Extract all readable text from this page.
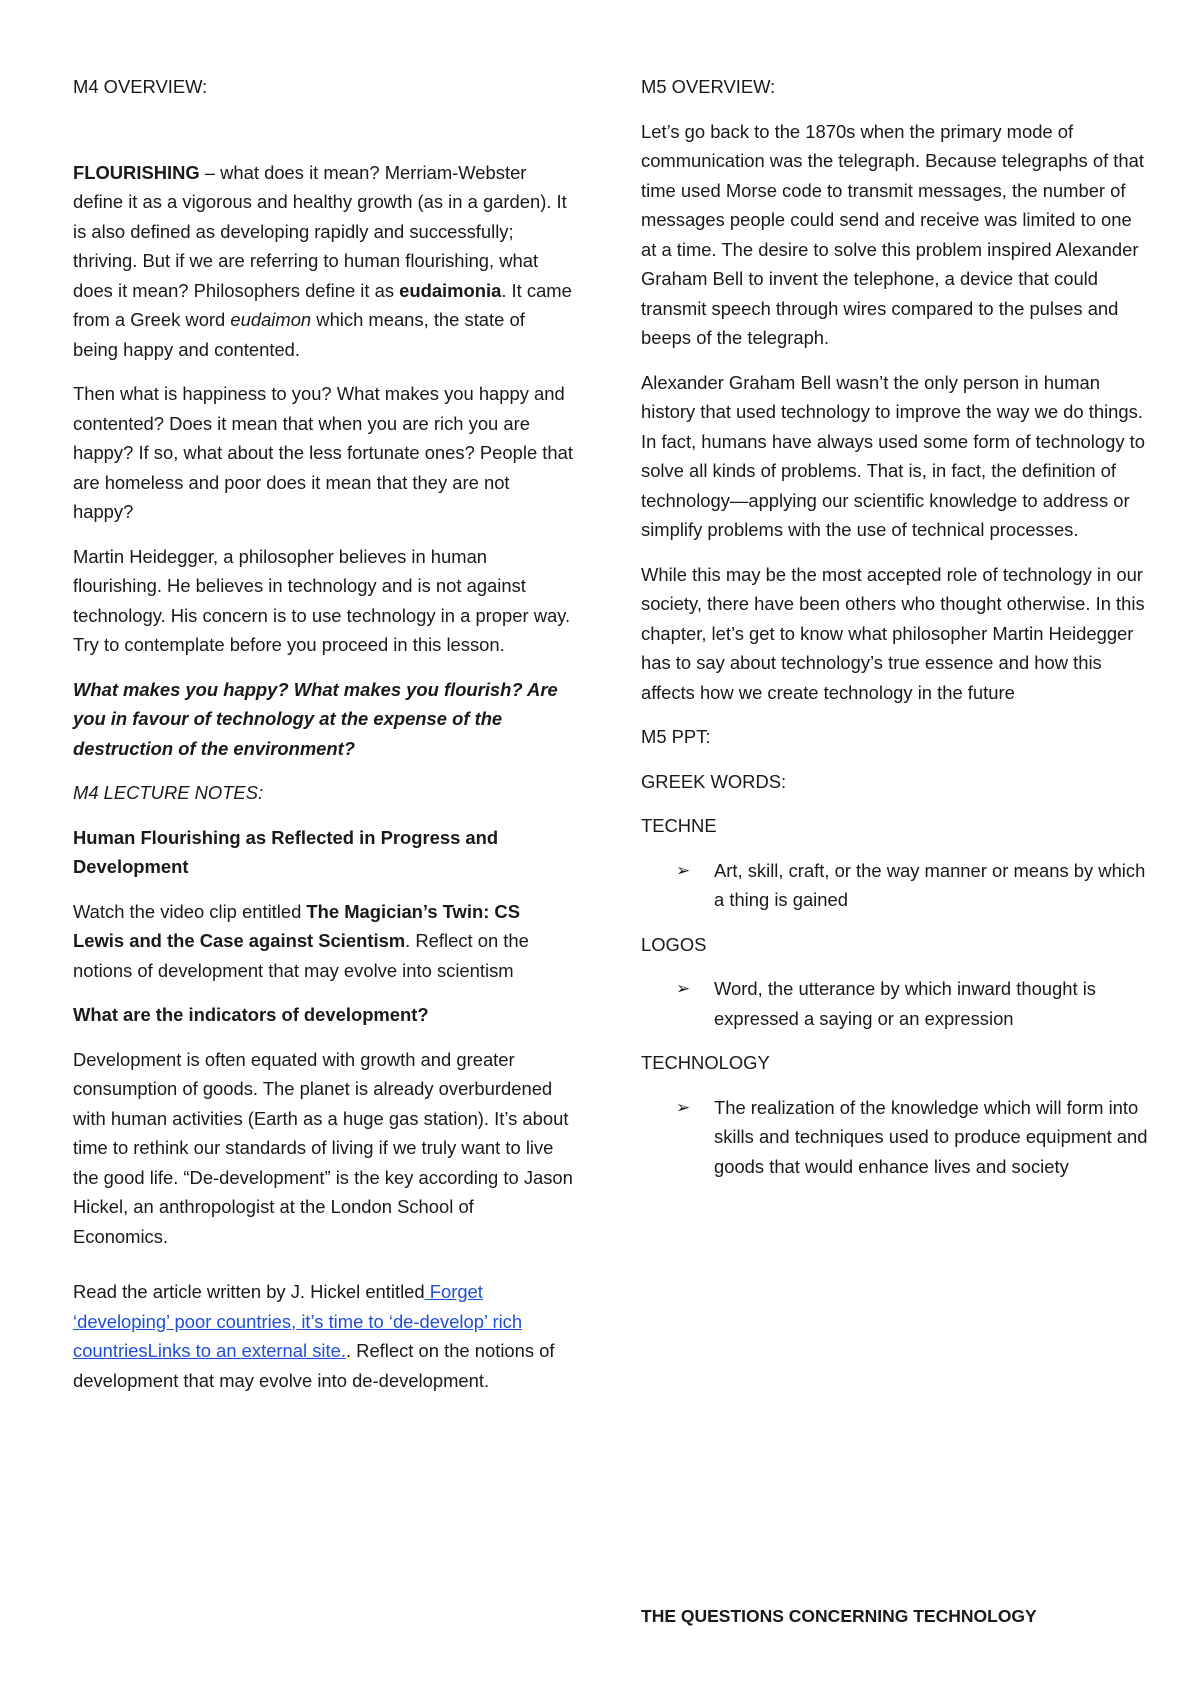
M4 OVERVIEW:

FLOURISHING – what does it mean? Merriam-Webster define it as a vigorous and healthy growth (as in a garden). It is also defined as developing rapidly and successfully; thriving. But if we are referring to human flourishing, what does it mean? Philosophers define it as eudaimonia. It came from a Greek word eudaimon which means, the state of being happy and contented.

Then what is happiness to you? What makes you happy and contented? Does it mean that when you are rich you are happy? If so, what about the less fortunate ones? People that are homeless and poor does it mean that they are not happy?

Martin Heidegger, a philosopher believes in human flourishing. He believes in technology and is not against technology. His concern is to use technology in a proper way. Try to contemplate before you proceed in this lesson.

What makes you happy? What makes you flourish? Are you in favour of technology at the expense of the destruction of the environment?

M4 LECTURE NOTES:

Human Flourishing as Reflected in Progress and Development

Watch the video clip entitled The Magician’s Twin: CS Lewis and the Case against Scientism. Reflect on the notions of development that may evolve into scientism

What are the indicators of development?

Development is often equated with growth and greater consumption of goods. The planet is already overburdened with human activities (Earth as a huge gas station). It’s about time to rethink our standards of living if we truly want to live the good life. “De-development” is the key according to Jason Hickel, an anthropologist at the London School of Economics.

Read the article written by J. Hickel entitled Forget ‘developing’ poor countries, it’s time to ‘de-develop’ rich countriesLinks to an external site.. Reflect on the notions of development that may evolve into de-development.

M5 OVERVIEW:

Let’s go back to the 1870s when the primary mode of communication was the telegraph. Because telegraphs of that time used Morse code to transmit messages, the number of messages people could send and receive was limited to one at a time. The desire to solve this problem inspired Alexander Graham Bell to invent the telephone, a device that could transmit speech through wires compared to the pulses and beeps of the telegraph.

Alexander Graham Bell wasn’t the only person in human history that used technology to improve the way we do things. In fact, humans have always used some form of technology to solve all kinds of problems. That is, in fact, the definition of technology—applying our scientific knowledge to address or simplify problems with the use of technical processes.

While this may be the most accepted role of technology in our society, there have been others who thought otherwise. In this chapter, let’s get to know what philosopher Martin Heidegger has to say about technology’s true essence and how this affects how we create technology in the future

M5 PPT:

GREEK WORDS:

TECHNE

➢ Art, skill, craft, or the way manner or means by which a thing is gained

LOGOS

➢ Word, the utterance by which inward thought is expressed a saying or an expression

TECHNOLOGY

➢ The realization of the knowledge which will form into skills and techniques used to produce equipment and goods that would enhance lives and society
THE QUESTIONS CONCERNING TECHNOLOGY
